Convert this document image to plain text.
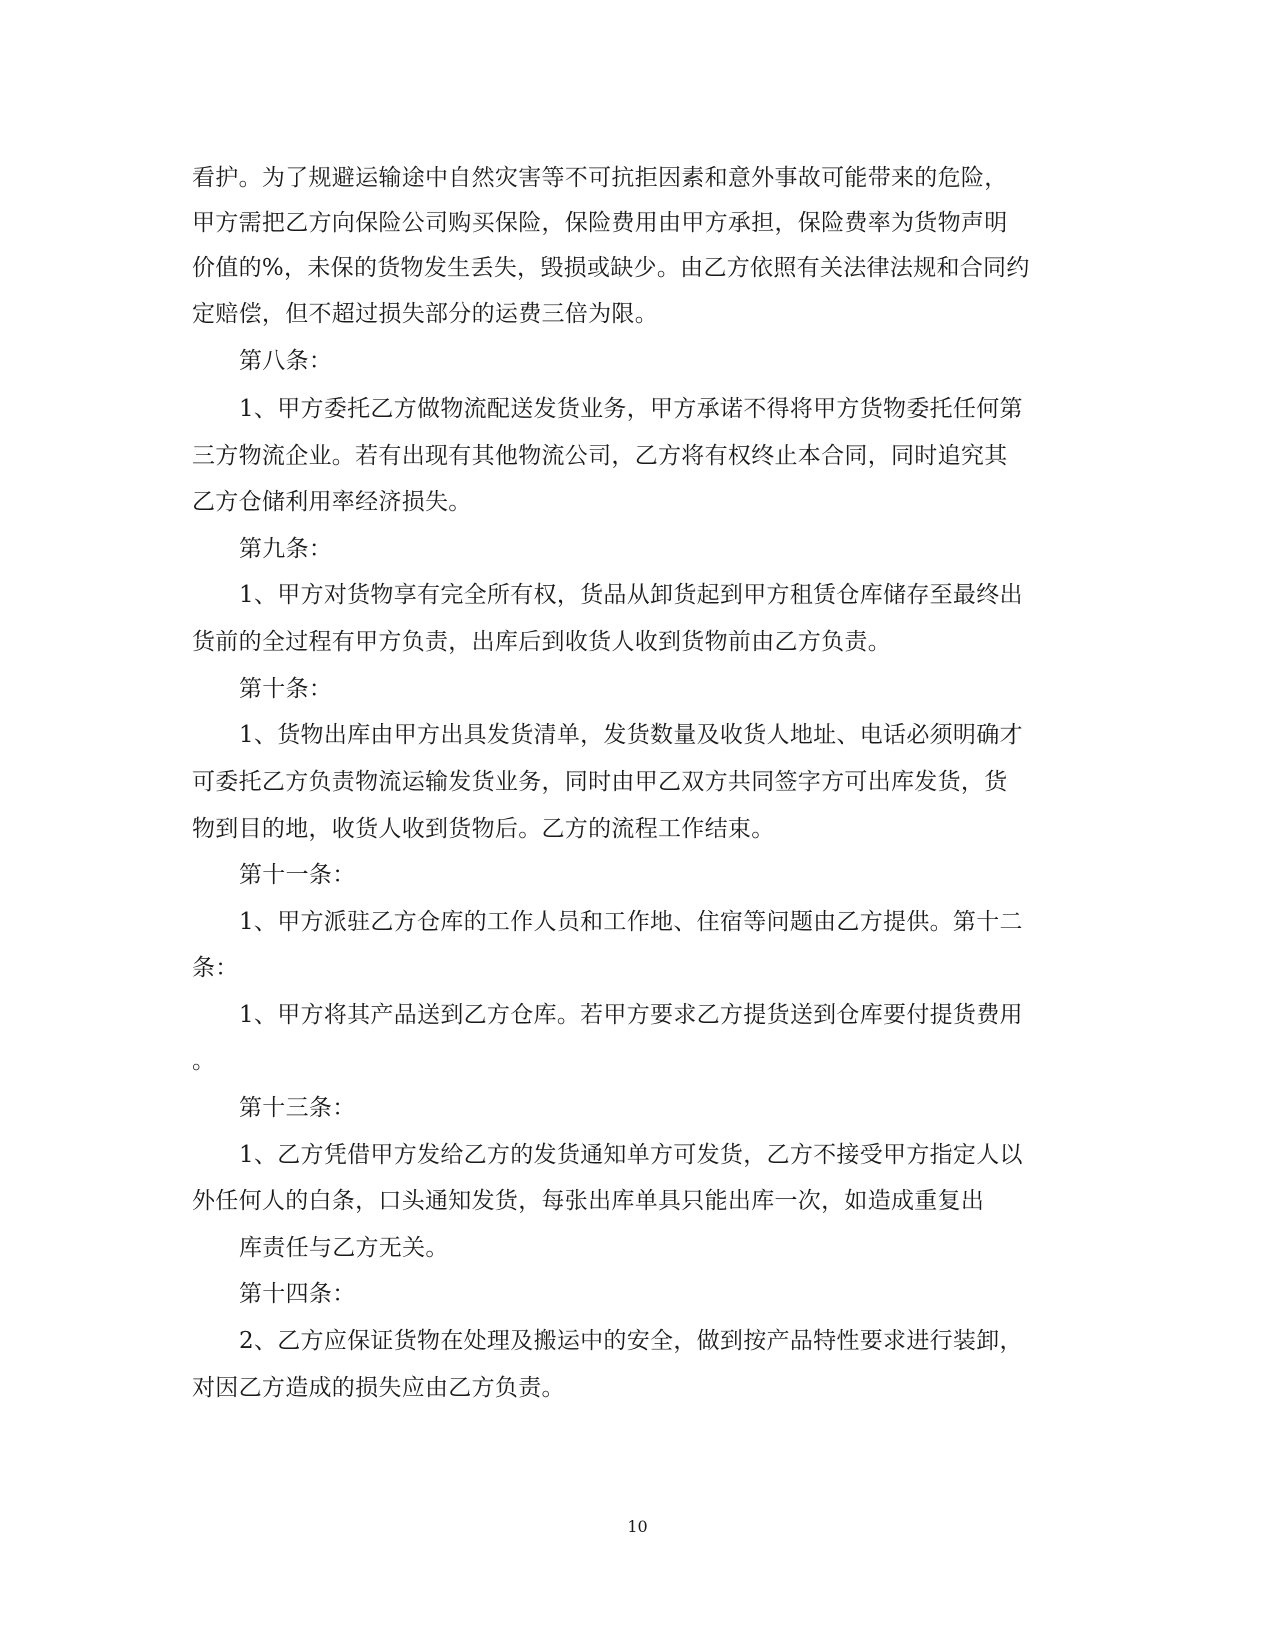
看护。为了规避运输途中自然灾害等不可抗拒因素和意外事故可能带来的危险，
甲方需把乙方向保险公司购买保险，保险费用由甲方承担，保险费率为货物声明
价值的%，未保的货物发生丢失，毁损或缺少。由乙方依照有关法律法规和合同约
定赔偿，但不超过损失部分的运费三倍为限。
第八条：
1、甲方委托乙方做物流配送发货业务，甲方承诺不得将甲方货物委托任何第
三方物流企业。若有出现有其他物流公司，乙方将有权终止本合同，同时追究其
乙方仓储利用率经济损失。
第九条：
1、甲方对货物享有完全所有权，货品从卸货起到甲方租赁仓库储存至最终出
货前的全过程有甲方负责，出库后到收货人收到货物前由乙方负责。
第十条：
1、货物出库由甲方出具发货清单，发货数量及收货人地址、电话必须明确才
可委托乙方负责物流运输发货业务，同时由甲乙双方共同签字方可出库发货，货
物到目的地，收货人收到货物后。乙方的流程工作结束。
第十一条：
1、甲方派驻乙方仓库的工作人员和工作地、住宿等问题由乙方提供。第十二
条：
1、甲方将其产品送到乙方仓库。若甲方要求乙方提货送到仓库要付提货费用
。
第十三条：
1、乙方凭借甲方发给乙方的发货通知单方可发货，乙方不接受甲方指定人以
外任何人的白条，口头通知发货，每张出库单具只能出库一次，如造成重复出
库责任与乙方无关。
第十四条：
2、乙方应保证货物在处理及搬运中的安全，做到按产品特性要求进行装卸，
对因乙方造成的损失应由乙方负责。
10
